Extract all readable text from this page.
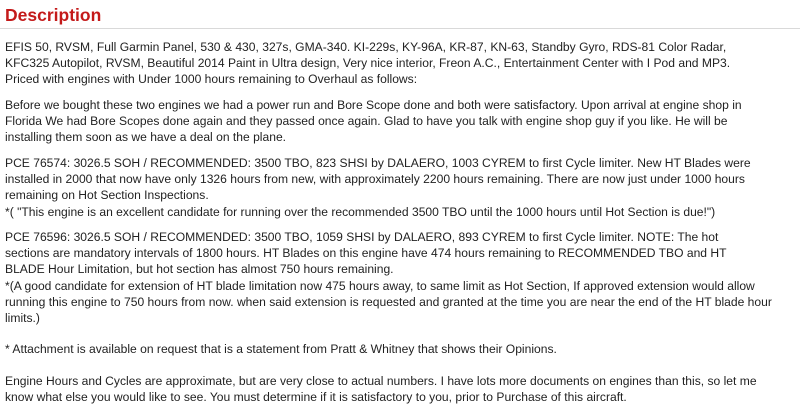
Description

EFIS 50, RVSM, Full Garmin Panel, 530 & 430, 327s, GMA-340. KI-229s, KY-96A, KR-87, KN-63, Standby Gyro, RDS-81 Color Radar,
KFC325 Autopilot, RVSM, Beautiful 2014 Paint in Ultra design, Very nice interior, Freon A.C., Entertainment Center with I Pod and MP3.
Priced with engines with Under 1000 hours remaining to Overhaul as follows:

Before we bought these two engines we had a power run and Bore Scope done and both were satisfactory. Upon arrival at engine shop in
Florida We had Bore Scopes done again and they passed once again. Glad to have you talk with engine shop guy if you like. He will be
installing them soon as we have a deal on the plane.

PCE 76574: 3026.5 SOH / RECOMMENDED: 3500 TBO, 823 SHSI by DALAERO, 1003 CYREM to first Cycle limiter. New HT Blades were
installed in 2000 that now have only 1326 hours from new, with approximately 2200 hours remaining. There are now just under 1000 hours
remaining on Hot Section Inspections.
*( "This engine is an excellent candidate for running over the recommended 3500 TBO until the 1000 hours until Hot Section is due!")

PCE 76596: 3026.5 SOH / RECOMMENDED: 3500 TBO, 1059 SHSI by DALAERO, 893 CYREM to first Cycle limiter. NOTE: The hot
sections are mandatory intervals of 1800 hours. HT Blades on this engine have 474 hours remaining to RECOMMENDED TBO and HT
BLADE Hour Limitation, but hot section has almost 750 hours remaining.
*(A good candidate for extension of HT blade limitation now 475 hours away, to same limit as Hot Section, If approved extension would allow
running this engine to 750 hours from now. when said extension is requested and granted at the time you are near the end of the HT blade hour
limits.)

* Attachment is available on request that is a statement from Pratt & Whitney that shows their Opinions.

Engine Hours and Cycles are approximate, but are very close to actual numbers. I have lots more documents on engines than this, so let me
know what else you would like to see. You must determine if it is satisfactory to you, prior to Purchase of this aircraft.
